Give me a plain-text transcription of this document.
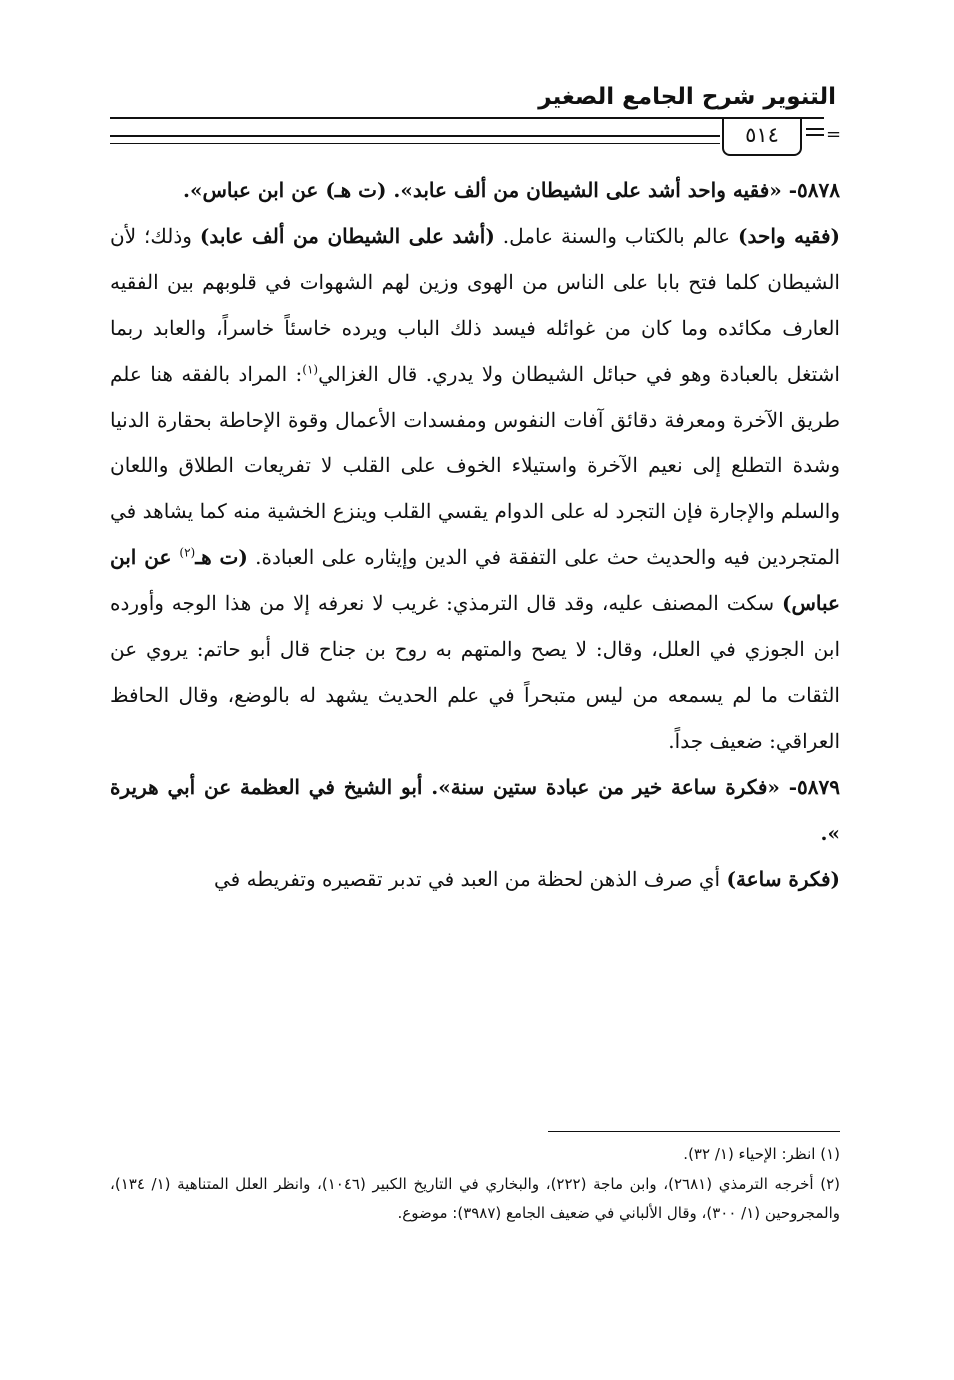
التنوير شرح الجامع الصغير
٥١٤

٥٨٧٨- «فقيه واحد أشد على الشيطان من ألف عابد». (ت هـ) عن ابن عباس».

(فقيه واحد) عالم بالكتاب والسنة عامل. (أشد على الشيطان من ألف عابد) وذلك؛ لأن الشيطان كلما فتح بابا على الناس من الهوى وزين لهم الشهوات في قلوبهم بين الفقيه العارف مكائده وما كان من غوائله فيسد ذلك الباب ويرده خاسئاً خاسراً، والعابد ربما اشتغل بالعبادة وهو في حبائل الشيطان ولا يدري. قال الغزالي$^{(١)}$: المراد بالفقه هنا علم طريق الآخرة ومعرفة دقائق آفات النفوس ومفسدات الأعمال وقوة الإحاطة بحقارة الدنيا وشدة التطلع إلى نعيم الآخرة واستيلاء الخوف على القلب لا تفريعات الطلاق واللعان والسلم والإجارة فإن التجرد له على الدوام يقسي القلب وينزع الخشية منه كما يشاهد في المتجردين فيه والحديث حث على التفقة في الدين وإيثاره على العبادة. (ت هـ$^{(٢)}$ عن ابن عباس) سكت المصنف عليه، وقد قال الترمذي: غريب لا نعرفه إلا من هذا الوجه وأورده ابن الجوزي في العلل، وقال: لا يصح والمتهم به روح بن جناح قال أبو حاتم: يروي عن الثقات ما لم يسمعه من ليس متبحراً في علم الحديث يشهد له بالوضع، وقال الحافظ العراقي: ضعيف جداً.

٥٨٧٩- «فكرة ساعة خير من عبادة ستين سنة». أبو الشيخ في العظمة عن أبي هريرة ».

(فكرة ساعة) أي صرف الذهن لحظة من العبد في تدبر تقصيره وتفريطه في

(١) انظر: الإحياء (١/ ٣٢).

(٢) أخرجه الترمذي (٢٦٨١)، وابن ماجة (٢٢٢)، والبخاري في التاريخ الكبير (١٠٤٦)، وانظر العلل المتناهية (١/ ١٣٤)، والمجروحين (١/ ٣٠٠)، وقال الألباني في ضعيف الجامع (٣٩٨٧): موضوع.

=
